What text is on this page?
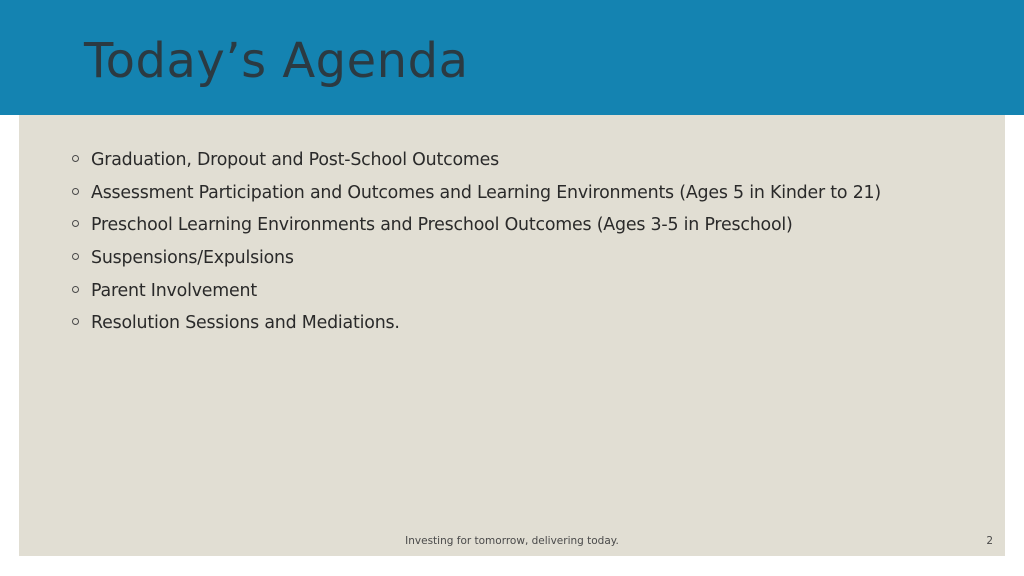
Today’s Agenda
Graduation, Dropout and Post-School Outcomes
Assessment Participation and Outcomes and Learning Environments (Ages 5 in Kinder to 21)
Preschool Learning Environments and Preschool Outcomes (Ages 3-5 in Preschool)
Suspensions/Expulsions
Parent Involvement
Resolution Sessions and Mediations.
Investing for tomorrow, delivering today.	2
